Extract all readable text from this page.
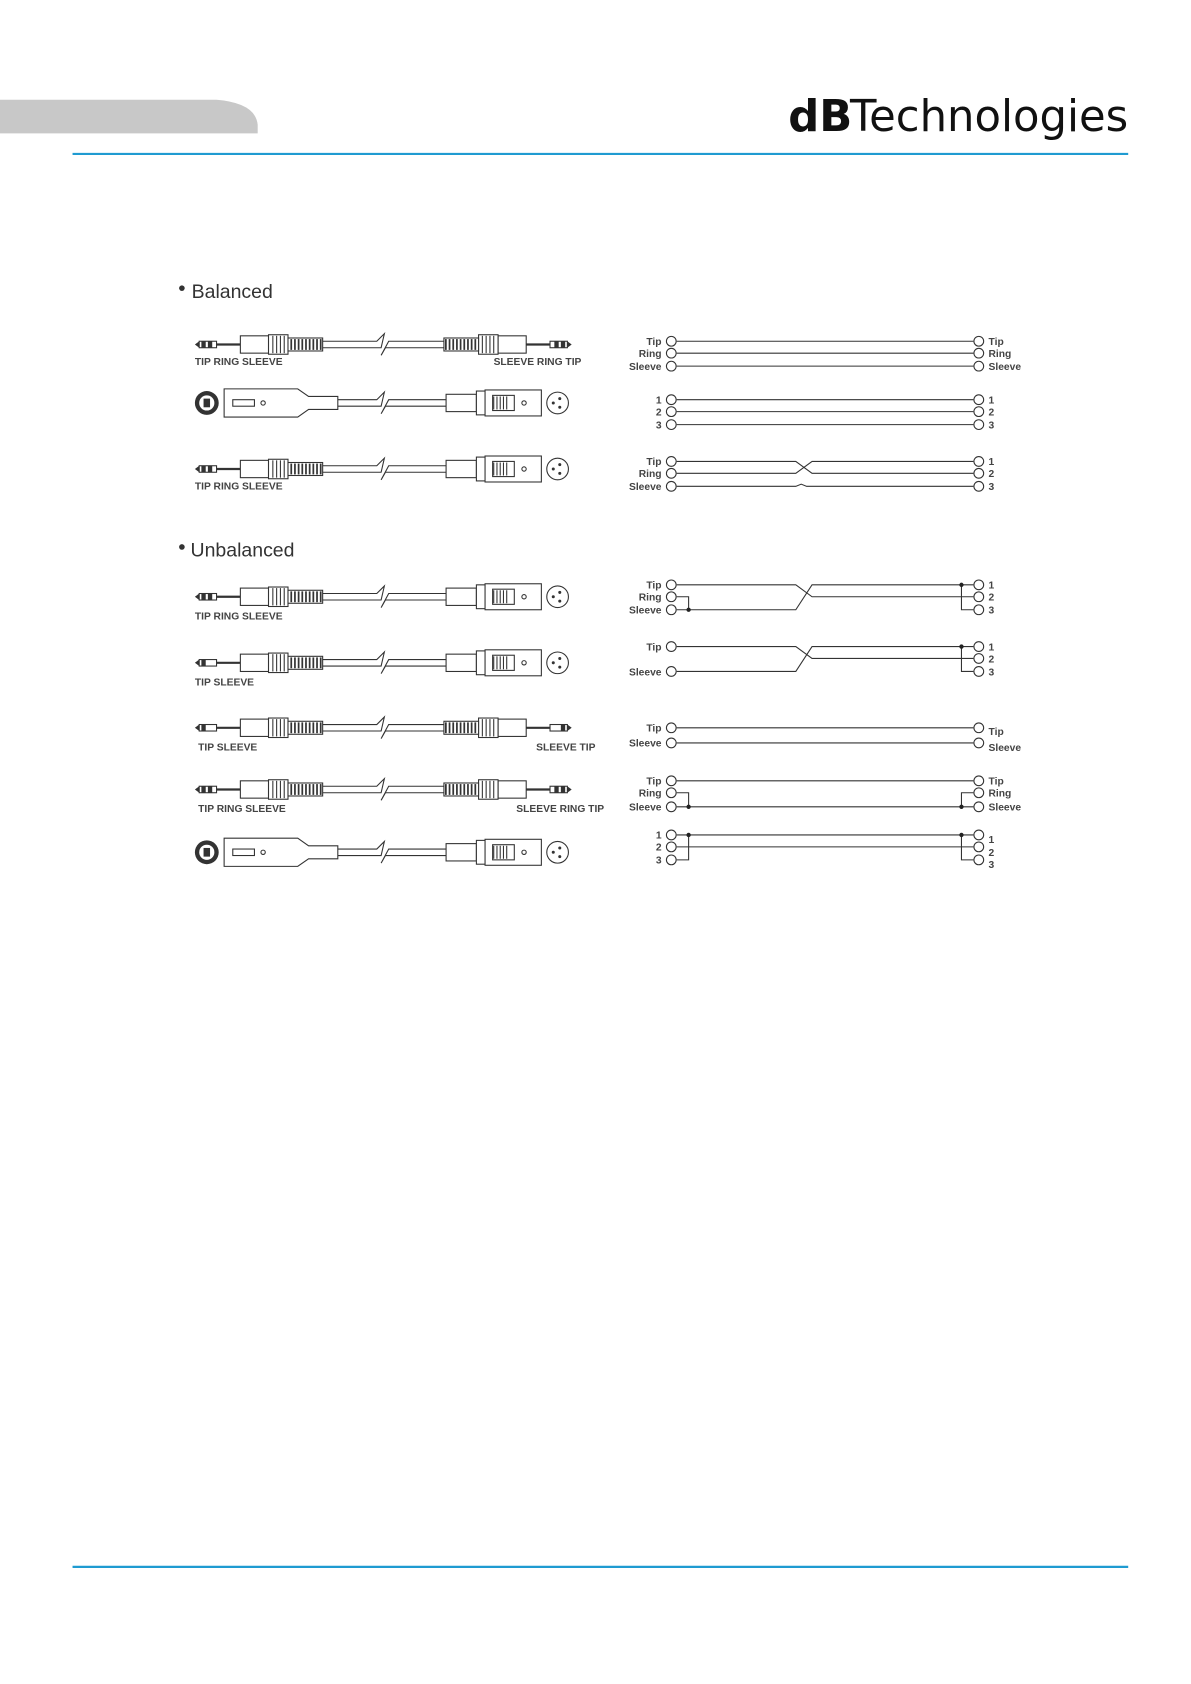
dBTechnologies
Balanced
Unbalanced
TIP RING SLEEVE	SLEEVE RING TIP
TIP RING SLEEVE
TIP RING SLEEVE
TIP SLEEVE
TIP SLEEVE	SLEEVE TIP
TIP RING SLEEVE	SLEEVE RING TIP
Tip
Ring
Sleeve
Tip
Ring
Sleeve
1
2
3
1
2
3
Tip
Ring
Sleeve
1
2
3
Tip
Ring
Sleeve
1
2
3
Tip
Sleeve
1
2
3
Tip
Sleeve
Tip
Sleeve
Tip
Ring
Sleeve
Tip
Ring
Sleeve
1
2
3
1
2
3
